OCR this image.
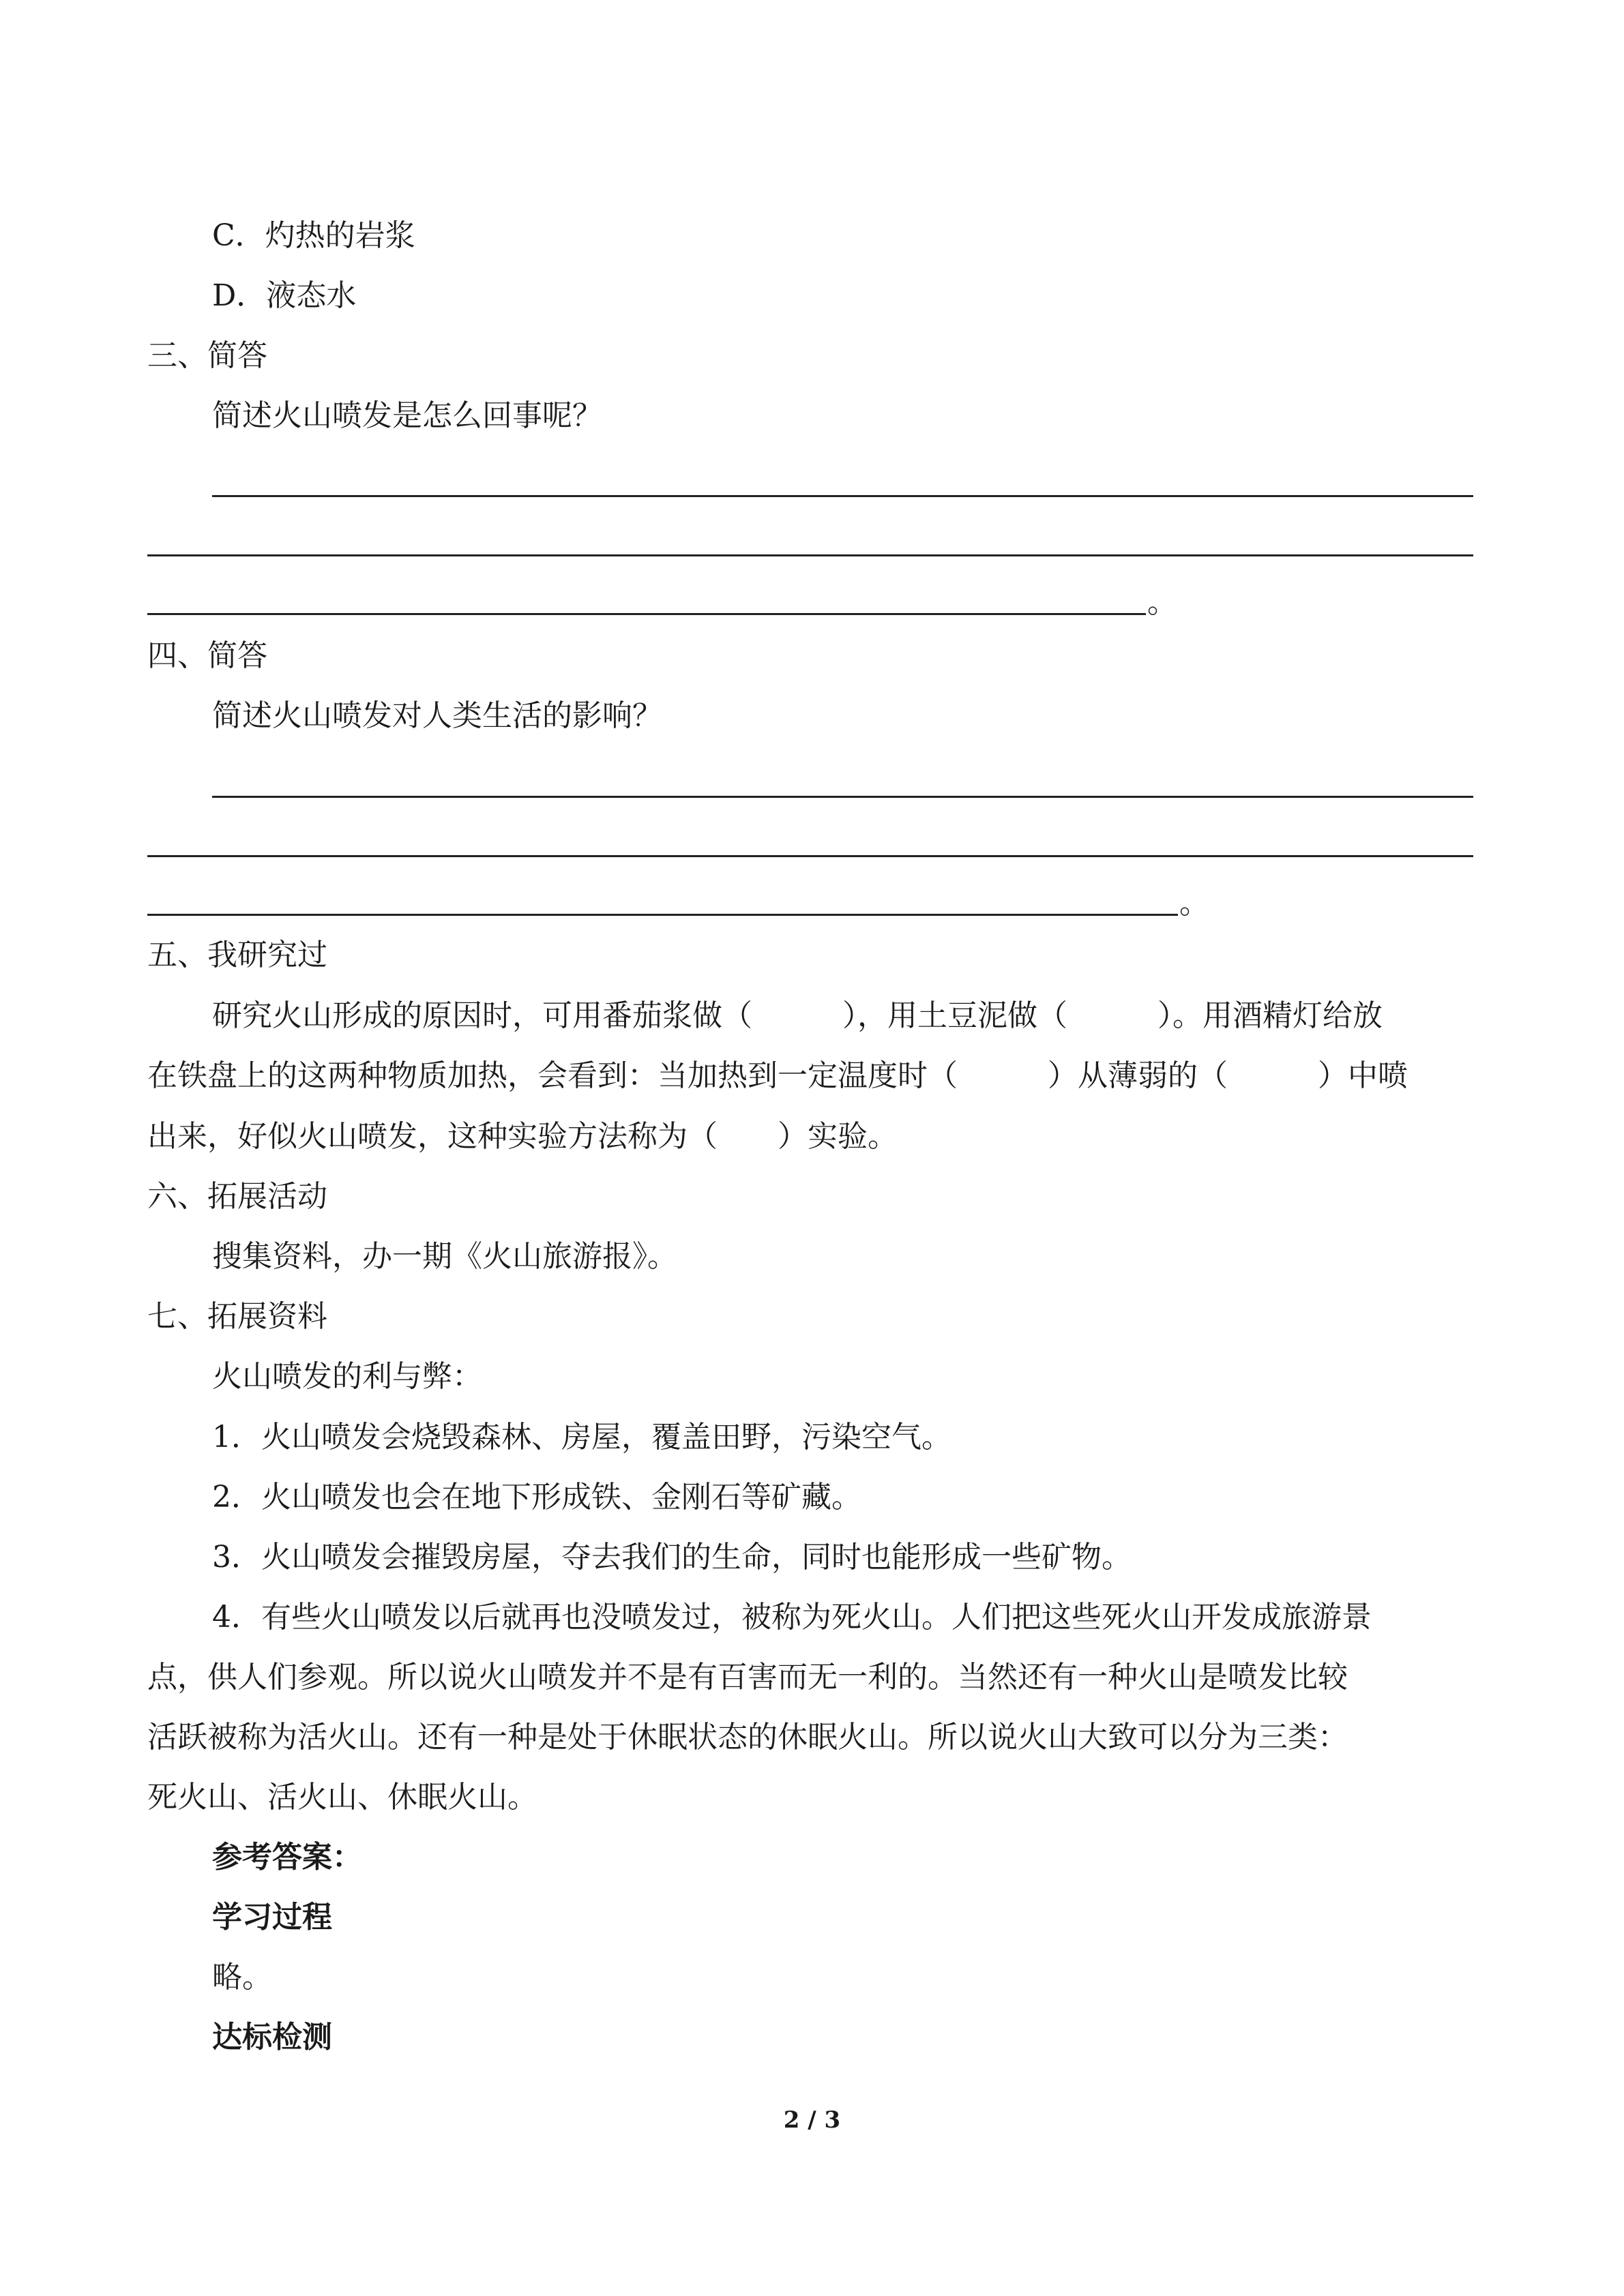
C．灼热的岩浆

D．液态水

三、简答

简述火山喷发是怎么回事呢？

。

四、简答

简述火山喷发对人类生活的影响？

。

五、我研究过

研究火山形成的原因时，可用番茄浆做（　　　），用土豆泥做（　　　）。用酒精灯给放

在铁盘上的这两种物质加热，会看到：当加热到一定温度时（　　　）从薄弱的（　　　）中喷

出来，好似火山喷发，这种实验方法称为（　　）实验。

六、拓展活动

搜集资料，办一期《火山旅游报》。

七、拓展资料

火山喷发的利与弊：

1．火山喷发会烧毁森林、房屋，覆盖田野，污染空气。

2．火山喷发也会在地下形成铁、金刚石等矿藏。

3．火山喷发会摧毁房屋，夺去我们的生命，同时也能形成一些矿物。

4．有些火山喷发以后就再也没喷发过，被称为死火山。人们把这些死火山开发成旅游景

点，供人们参观。所以说火山喷发并不是有百害而无一利的。当然还有一种火山是喷发比较

活跃被称为活火山。还有一种是处于休眠状态的休眠火山。所以说火山大致可以分为三类：

死火山、活火山、休眠火山。

参考答案：

学习过程

略。

达标检测

2 / 3
